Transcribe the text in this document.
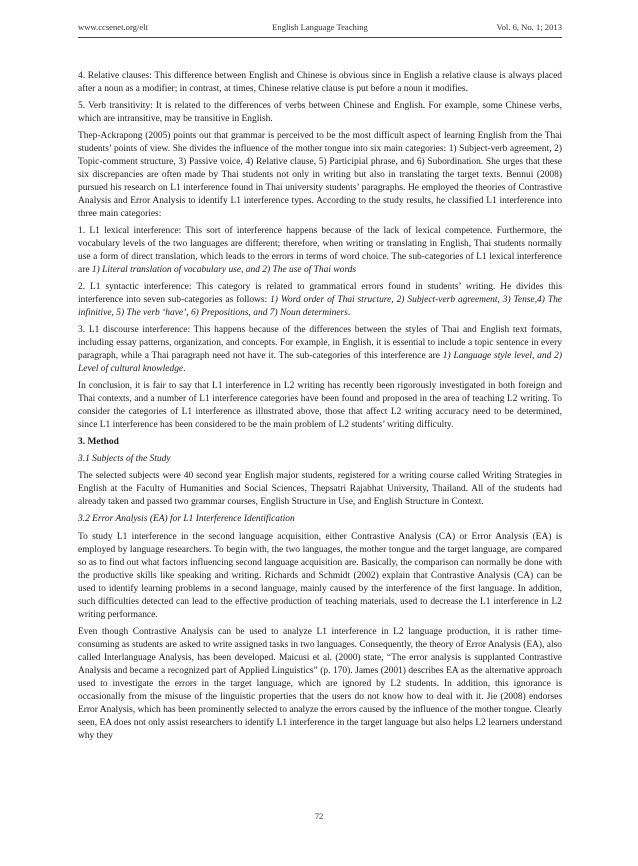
www.ccsenet.org/elt	English Language Teaching	Vol. 6, No. 1; 2013

4. Relative clauses: This difference between English and Chinese is obvious since in English a relative clause is always placed after a noun as a modifier; in contrast, at times, Chinese relative clause is put before a noun it modifies.

5. Verb transitivity: It is related to the differences of verbs between Chinese and English. For example, some Chinese verbs, which are intransitive, may be transitive in English.

Thep-Ackrapong (2005) points out that grammar is perceived to be the most difficult aspect of learning English from the Thai students’ points of view. She divides the influence of the mother tongue into six main categories: 1) Subject-verb agreement, 2) Topic-comment structure, 3) Passive voice, 4) Relative clause, 5) Participial phrase, and 6) Subordination. She urges that these six discrepancies are often made by Thai students not only in writing but also in translating the target texts. Bennui (2008) pursued his research on L1 interference found in Thai university students’ paragraphs. He employed the theories of Contrastive Analysis and Error Analysis to identify L1 interference types. According to the study results, he classified L1 interference into three main categories:

1. L1 lexical interference: This sort of interference happens because of the lack of lexical competence. Furthermore, the vocabulary levels of the two languages are different; therefore, when writing or translating in English, Thai students normally use a form of direct translation, which leads to the errors in terms of word choice. The sub-categories of L1 lexical interference are 1) Literal translation of vocabulary use, and 2) The use of Thai words

2. L1 syntactic interference: This category is related to grammatical errors found in students’ writing. He divides this interference into seven sub-categories as follows: 1) Word order of Thai structure, 2) Subject-verb agreement, 3) Tense,4) The infinitive, 5) The verb ‘have’, 6) Prepositions, and 7) Noun determiners.

3. L1 discourse interference: This happens because of the differences between the styles of Thai and English text formats, including essay patterns, organization, and concepts. For example, in English, it is essential to include a topic sentence in every paragraph, while a Thai paragraph need not have it. The sub-categories of this interference are 1) Language style level, and 2) Level of cultural knowledge.

In conclusion, it is fair to say that L1 interference in L2 writing has recently been rigorously investigated in both foreign and Thai contexts, and a number of L1 interference categories have been found and proposed in the area of teaching L2 writing. To consider the categories of L1 interference as illustrated above, those that affect L2 writing accuracy need to be determined, since L1 interference has been considered to be the main problem of L2 students’ writing difficulty.

3. Method
3.1 Subjects of the Study

The selected subjects were 40 second year English major students, registered for a writing course called Writing Strategies in English at the Faculty of Humanities and Social Sciences, Thepsatri Rajabhat University, Thailand. All of the students had already taken and passed two grammar courses, English Structure in Use, and English Structure in Context.

3.2 Error Analysis (EA) for L1 Interference Identification

To study L1 interference in the second language acquisition, either Contrastive Analysis (CA) or Error Analysis (EA) is employed by language researchers. To begin with, the two languages, the mother tongue and the target language, are compared so as to find out what factors influencing second language acquisition are. Basically, the comparison can normally be done with the productive skills like speaking and writing. Richards and Schmidt (2002) explain that Contrastive Analysis (CA) can be used to identify learning problems in a second language, mainly caused by the interference of the first language. In addition, such difficulties detected can lead to the effective production of teaching materials, used to decrease the L1 interference in L2 writing performance.

Even though Contrastive Analysis can be used to analyze L1 interference in L2 language production, it is rather time-consuming as students are asked to write assigned tasks in two languages. Consequently, the theory of Error Analysis (EA), also called Interlanguage Analysis, has been developed. Maicusi et al. (2000) state, “The error analysis is supplanted Contrastive Analysis and became a recognized part of Applied Linguistics” (p. 170). James (2001) describes EA as the alternative approach used to investigate the errors in the target language, which are ignored by L2 students. In addition, this ignorance is occasionally from the misuse of the linguistic properties that the users do not know how to deal with it. Jie (2008) endorses Error Analysis, which has been prominently selected to analyze the errors caused by the influence of the mother tongue. Clearly seen, EA does not only assist researchers to identify L1 interference in the target language but also helps L2 learners understand why they

72
